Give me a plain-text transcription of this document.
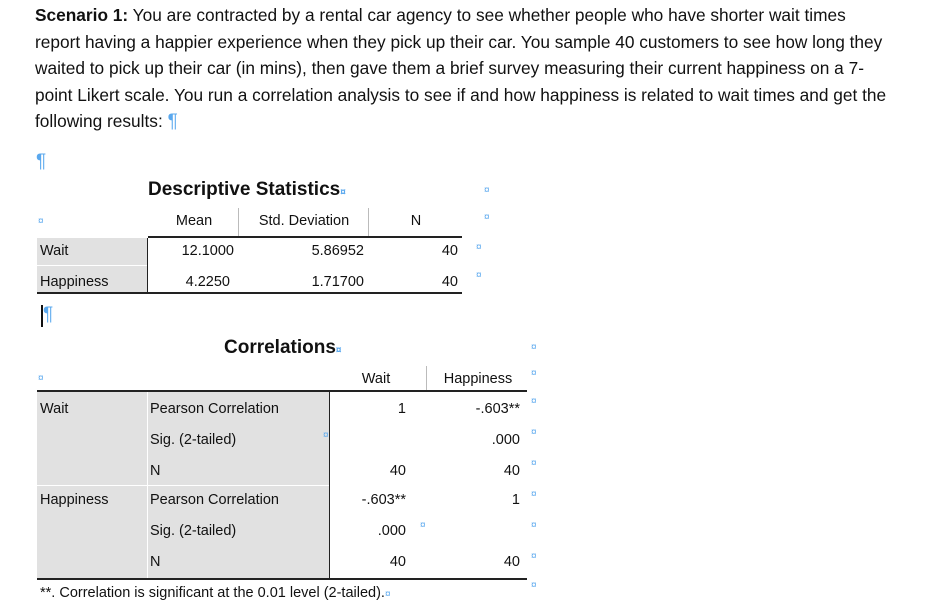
Scenario 1: You are contracted by a rental car agency to see whether people who have shorter wait times report having a happier experience when they pick up their car. You sample 40 customers to see how long they waited to pick up their car (in mins), then gave them a brief survey measuring their current happiness on a 7-point Likert scale. You run a correlation analysis to see if and how happiness is related to wait times and get the following results: ¶
¶
Descriptive Statistics¤	¤
¤	Mean	Std. Deviation	N	¤
Wait	12.1000	5.86952	40
Happiness	4.2250	1.71700	40
¤
¤
¶
Correlations¤	¤
¤	Wait	Happiness	¤
Wait	Pearson Correlation	1	-.603**
Sig. (2-tailed)	¤	.000
N	40	40
Happiness	Pearson Correlation	-.603**	1
Sig. (2-tailed)	.000 ¤
N	40	40
¤
¤
¤
¤
¤
¤
¤
**. Correlation is significant at the 0.01 level (2-tailed).¤
